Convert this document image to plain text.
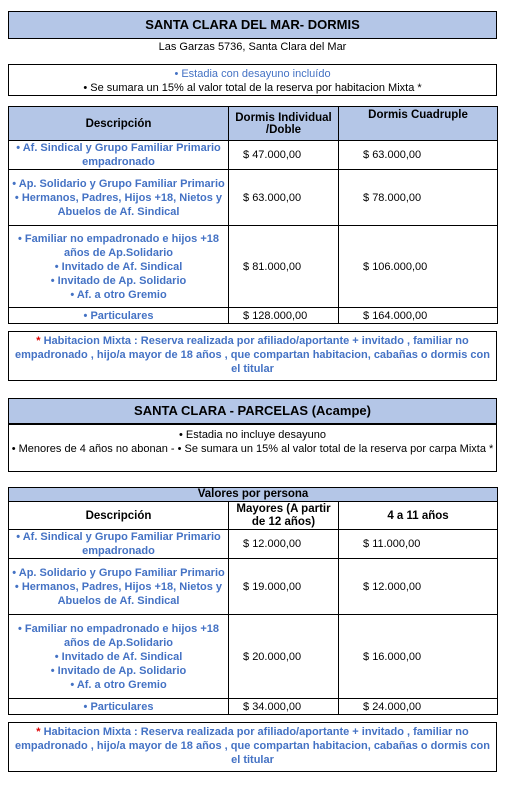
SANTA CLARA DEL MAR- DORMIS
Las Garzas 5736, Santa Clara del Mar
• Estadia con desayuno incluído
• Se sumara un 15% al valor total de la reserva por habitacion Mixta *
Descripción	Dormis Individual /Doble	Dormis Cuadruple

• Af. Sindical y Grupo Familiar Primario empadronado	$ 47.000,00	$ 63.000,00

• Ap. Solidario y Grupo Familiar Primario
• Hermanos, Padres, Hijos +18, Nietos y Abuelos de Af. Sindical	$ 63.000,00	$ 78.000,00

• Familiar no empadronado e hijos +18 años de Ap.Solidario
• Invitado de Af. Sindical
• Invitado de Ap. Solidario
• Af. a otro Gremio	$ 81.000,00	$ 106.000,00

• Particulares	$ 128.000,00	$ 164.000,00
* Habitacion Mixta : Reserva realizada por afiliado/aportante + invitado , familiar no empadronado , hijo/a mayor de 18 años , que compartan habitacion, cabañas o dormis con el titular
SANTA CLARA - PARCELAS (Acampe)
• Estadia no incluye desayuno
• Menores de 4 años no abonan - • Se sumara un 15% al valor total de la reserva por carpa Mixta *
Valores por persona		
Descripción	Mayores (A partir de 12 años)	4 a 11 años

• Af. Sindical y Grupo Familiar Primario empadronado	$ 12.000,00	$ 11.000,00

• Ap. Solidario y Grupo Familiar Primario
• Hermanos, Padres, Hijos +18, Nietos y Abuelos de Af. Sindical	$ 19.000,00	$ 12.000,00

• Familiar no empadronado e hijos +18 años de Ap.Solidario
• Invitado de Af. Sindical
• Invitado de Ap. Solidario
• Af. a otro Gremio	$ 20.000,00	$ 16.000,00

• Particulares	$ 34.000,00	$ 24.000,00
* Habitacion Mixta : Reserva realizada por afiliado/aportante + invitado , familiar no empadronado , hijo/a mayor de 18 años , que compartan habitacion, cabañas o dormis con el titular
